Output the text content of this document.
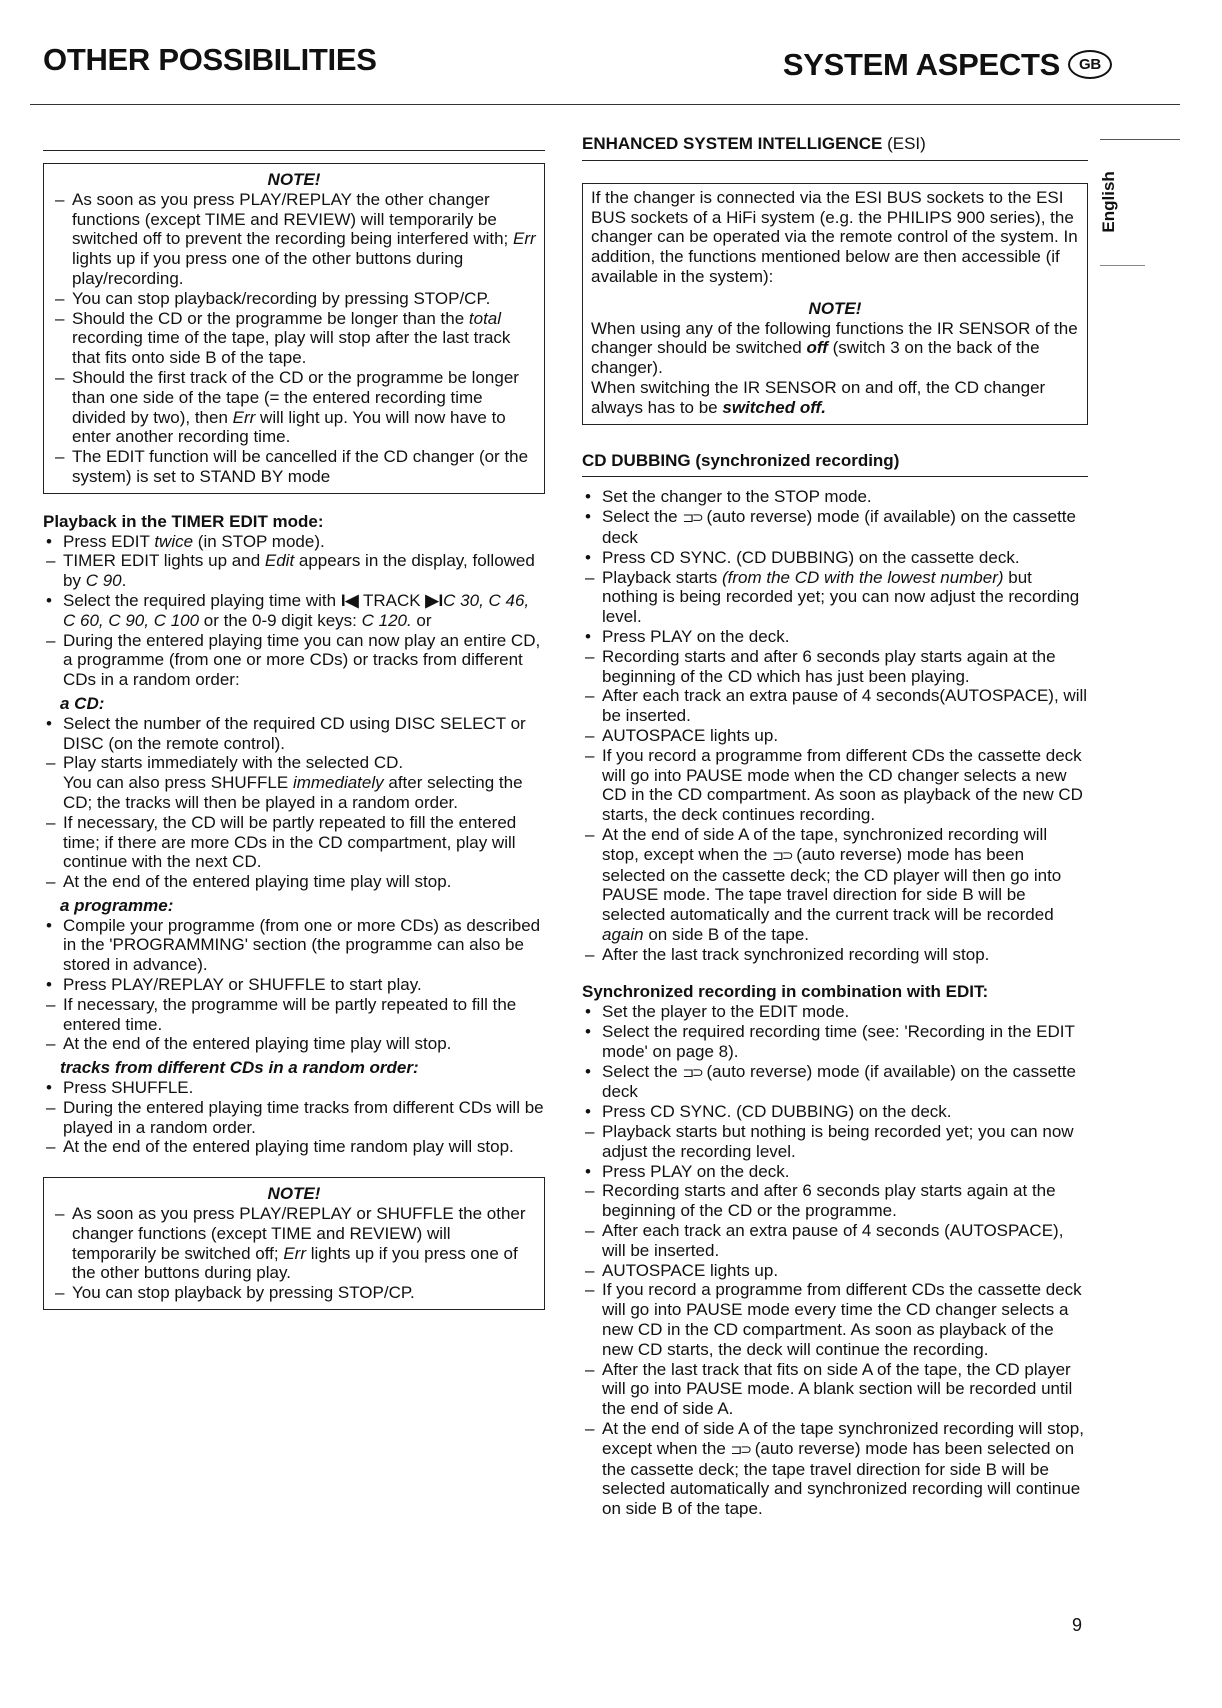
OTHER POSSIBILITIES	SYSTEM ASPECTS	GB
English
NOTE!
– As soon as you press PLAY/REPLAY the other changer functions (except TIME and REVIEW) will temporarily be switched off to prevent the recording being interfered with; Err lights up if you press one of the other buttons during play/recording.
– You can stop playback/recording by pressing STOP/CP.
– Should the CD or the programme be longer than the total recording time of the tape, play will stop after the last track that fits onto side B of the tape.
– Should the first track of the CD or the programme be longer than one side of the tape (= the entered recording time divided by two), then Err will light up. You will now have to enter another recording time.
– The EDIT function will be cancelled if the CD changer (or the system) is set to STAND BY mode
Playback in the TIMER EDIT mode:
• Press EDIT twice (in STOP mode).
– TIMER EDIT lights up and Edit appears in the display, followed by C 90.
• Select the required playing time with I◀ TRACK ▶IC 30, C 46, C 60, C 90, C 100 or the 0-9 digit keys: C 120. or
– During the entered playing time you can now play an entire CD, a programme (from one or more CDs) or tracks from different CDs in a random order:
a CD:
• Select the number of the required CD using DISC SELECT or DISC (on the remote control).
– Play starts immediately with the selected CD.
You can also press SHUFFLE immediately after selecting the CD; the tracks will then be played in a random order.
– If necessary, the CD will be partly repeated to fill the entered time; if there are more CDs in the CD compartment, play will continue with the next CD.
– At the end of the entered playing time play will stop.
a programme:
• Compile your programme (from one or more CDs) as described in the 'PROGRAMMING' section (the programme can also be stored in advance).
• Press PLAY/REPLAY or SHUFFLE to start play.
– If necessary, the programme will be partly repeated to fill the entered time.
– At the end of the entered playing time play will stop.
tracks from different CDs in a random order:
• Press SHUFFLE.
– During the entered playing time tracks from different CDs will be played in a random order.
– At the end of the entered playing time random play will stop.
NOTE!
– As soon as you press PLAY/REPLAY or SHUFFLE the other changer functions (except TIME and REVIEW) will temporarily be switched off; Err lights up if you press one of the other buttons during play.
– You can stop playback by pressing STOP/CP.
ENHANCED SYSTEM INTELLIGENCE (ESI)
If the changer is connected via the ESI BUS sockets to the ESI BUS sockets of a HiFi system (e.g. the PHILIPS 900 series), the changer can be operated via the remote control of the system. In addition, the functions mentioned below are then accessible (if available in the system):
NOTE!
When using any of the following functions the IR SENSOR of the changer should be switched off (switch 3 on the back of the changer).
When switching the IR SENSOR on and off, the CD changer always has to be switched off.
CD DUBBING (synchronized recording)
• Set the changer to the STOP mode.
• Select the ⊐⊃ (auto reverse) mode (if available) on the cassette deck
• Press CD SYNC. (CD DUBBING) on the cassette deck.
– Playback starts (from the CD with the lowest number) but nothing is being recorded yet; you can now adjust the recording level.
• Press PLAY on the deck.
– Recording starts and after 6 seconds play starts again at the beginning of the CD which has just been playing.
– After each track an extra pause of 4 seconds(AUTOSPACE), will be inserted.
– AUTOSPACE lights up.
– If you record a programme from different CDs the cassette deck will go into PAUSE mode when the CD changer selects a new CD in the CD compartment. As soon as playback of the new CD starts, the deck continues recording.
– At the end of side A of the tape, synchronized recording will stop, except when the ⊐⊃ (auto reverse) mode has been selected on the cassette deck; the CD player will then go into PAUSE mode. The tape travel direction for side B will be selected automatically and the current track will be recorded again on side B of the tape.
– After the last track synchronized recording will stop.
Synchronized recording in combination with EDIT:
• Set the player to the EDIT mode.
• Select the required recording time (see: 'Recording in the EDIT mode' on page 8).
• Select the ⊐⊃ (auto reverse) mode (if available) on the cassette deck
• Press CD SYNC. (CD DUBBING) on the deck.
– Playback starts but nothing is being recorded yet; you can now adjust the recording level.
• Press PLAY on the deck.
– Recording starts and after 6 seconds play starts again at the beginning of the CD or the programme.
– After each track an extra pause of 4 seconds (AUTOSPACE), will be inserted.
– AUTOSPACE lights up.
– If you record a programme from different CDs the cassette deck will go into PAUSE mode every time the CD changer selects a new CD in the CD compartment. As soon as playback of the new CD starts, the deck will continue the recording.
– After the last track that fits on side A of the tape, the CD player will go into PAUSE mode. A blank section will be recorded until the end of side A.
– At the end of side A of the tape synchronized recording will stop, except when the ⊐⊃ (auto reverse) mode has been selected on the cassette deck; the tape travel direction for side B will be selected automatically and synchronized recording will continue on side B of the tape.
9
